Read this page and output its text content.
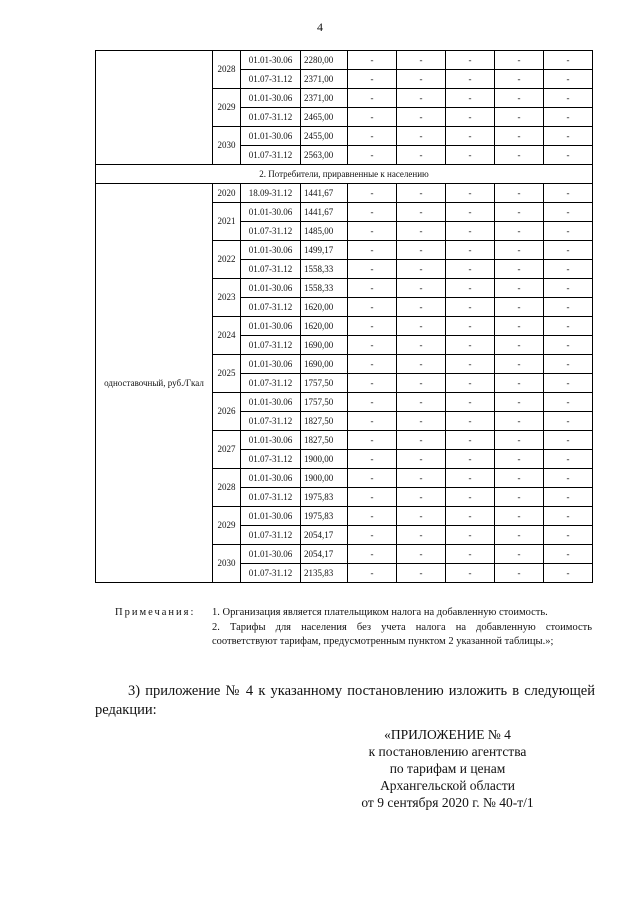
4
	2028	01.01-30.06	2280,00	-	-	-	-	-
		01.07-31.12	2371,00	-	-	-	-	-
	2029	01.01-30.06	2371,00	-	-	-	-	-
		01.07-31.12	2465,00	-	-	-	-	-
	2030	01.01-30.06	2455,00	-	-	-	-	-
		01.07-31.12	2563,00	-	-	-	-	-
2. Потребители, приравненные к населению								
одноставочный, руб./Гкал	2020	18.09-31.12	1441,67	-	-	-	-	-
	2021	01.01-30.06	1441,67	-	-	-	-	-
		01.07-31.12	1485,00	-	-	-	-	-
	2022	01.01-30.06	1499,17	-	-	-	-	-
		01.07-31.12	1558,33	-	-	-	-	-
	2023	01.01-30.06	1558,33	-	-	-	-	-
		01.07-31.12	1620,00	-	-	-	-	-
	2024	01.01-30.06	1620,00	-	-	-	-	-
		01.07-31.12	1690,00	-	-	-	-	-
	2025	01.01-30.06	1690,00	-	-	-	-	-
		01.07-31.12	1757,50	-	-	-	-	-
	2026	01.01-30.06	1757,50	-	-	-	-	-
		01.07-31.12	1827,50	-	-	-	-	-
	2027	01.01-30.06	1827,50	-	-	-	-	-
		01.07-31.12	1900,00	-	-	-	-	-
	2028	01.01-30.06	1900,00	-	-	-	-	-
		01.07-31.12	1975,83	-	-	-	-	-
	2029	01.01-30.06	1975,83	-	-	-	-	-
		01.07-31.12	2054,17	-	-	-	-	-
	2030	01.01-30.06	2054,17	-	-	-	-	-
		01.07-31.12	2135,83	-	-	-	-	-
Примечания: 1. Организация является плательщиком налога на добавленную стоимость.

2. Тарифы для населения без учета налога на добавленную стоимость соответствуют тарифам, предусмотренным пунктом 2 указанной таблицы.»;

3) приложение № 4 к указанному постановлению изложить в следующей редакции:
«ПРИЛОЖЕНИЕ № 4
к постановлению агентства
по тарифам и ценам
Архангельской области
от 9 сентября 2020 г. № 40-т/1
